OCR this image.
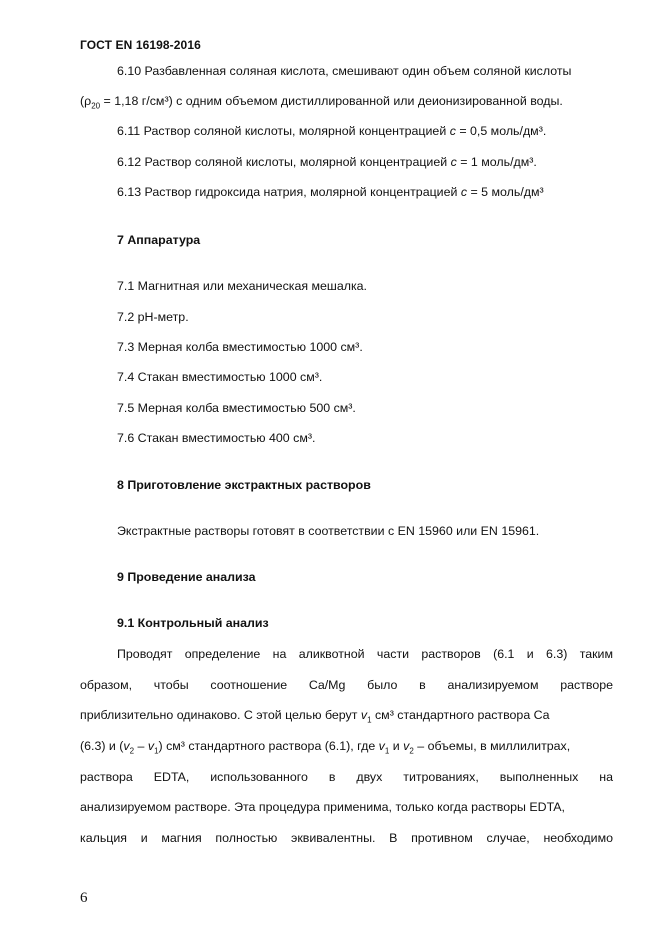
ГОСТ EN 16198-2016
6.10 Разбавленная соляная кислота, смешивают один объем соляной кислоты
($\rho_{20} = 1,18$ г/см³) с одним объемом дистиллированной или деионизированной воды.
6.11 Раствор соляной кислоты, молярной концентрацией c = 0,5 моль/дм³.
6.12 Раствор соляной кислоты, молярной концентрацией c = 1 моль/дм³.
6.13 Раствор гидроксида натрия, молярной концентрацией c = 5 моль/дм³
7 Аппаратура
7.1 Магнитная или механическая мешалка.
7.2 pH-метр.
7.3 Мерная колба вместимостью 1000 см³.
7.4 Стакан вместимостью 1000 см³.
7.5 Мерная колба вместимостью 500 см³.
7.6 Стакан вместимостью 400 см³.
8 Приготовление экстрактных растворов
Экстрактные растворы готовят в соответствии с EN 15960 или EN 15961.
9 Проведение анализа
9.1 Контрольный анализ
Проводят определение на аликвотной части растворов (6.1 и 6.3) таким
образом, чтобы соотношение Ca/Mg было в анализируемом растворе
приблизительно одинаково. С этой целью берут $v_1$ см³ стандартного раствора Ca
(6.3) и $(v_2 - v_1)$ см³ стандартного раствора (6.1), где $v_1$ и $v_2$ – объемы, в миллилитрах,
раствора EDTA, использованного в двух титрованиях, выполненных на
анализируемом растворе. Эта процедура применима, только когда растворы EDTA,
кальция и магния полностью эквивалентны. В противном случае, необходимо
6
